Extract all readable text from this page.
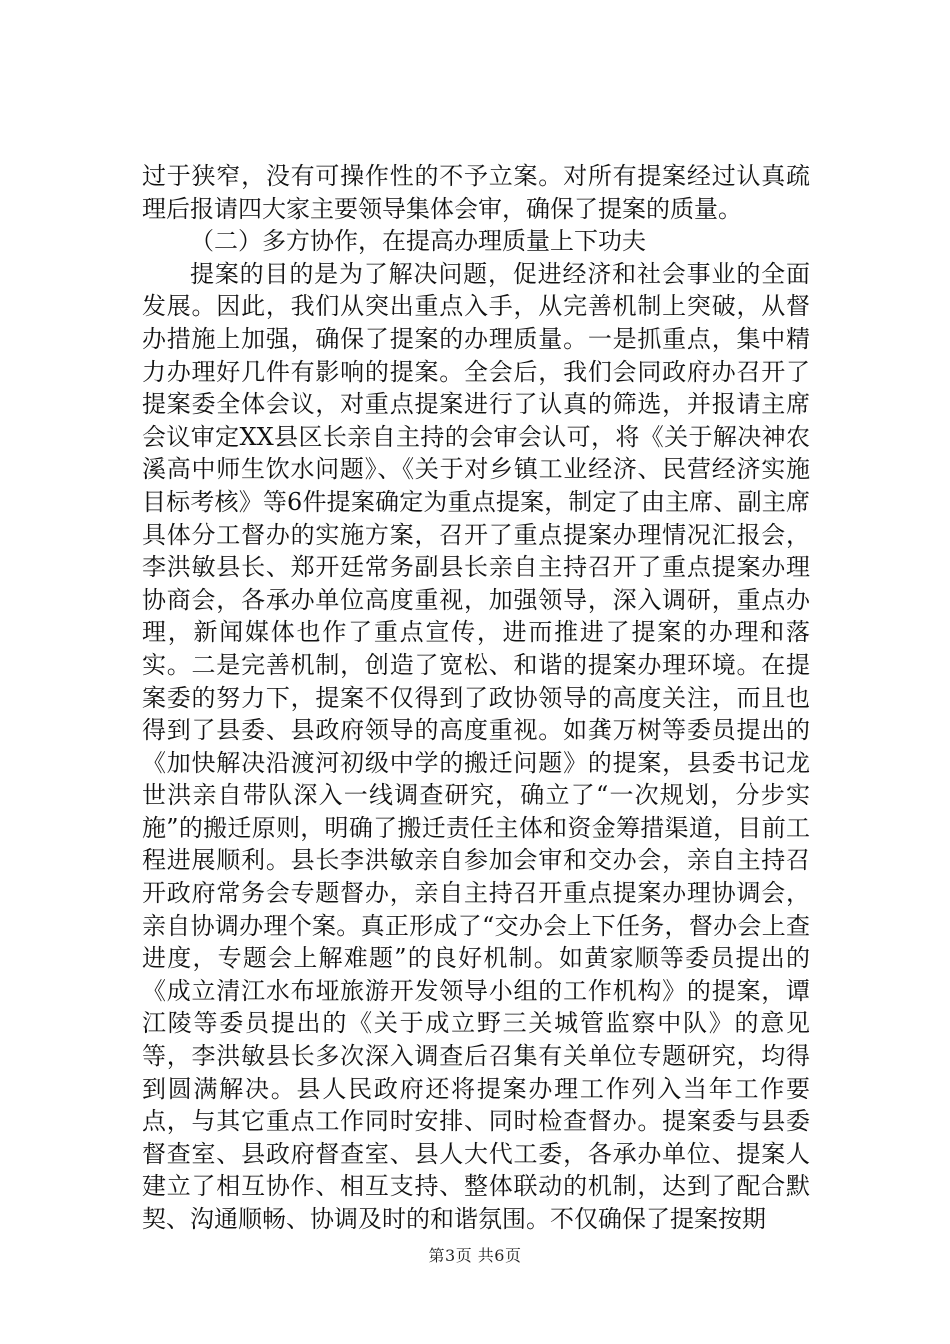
过于狭窄，没有可操作性的不予立案。对所有提案经过认真疏理后报请四大家主要领导集体会审，确保了提案的质量。

（二）多方协作，在提高办理质量上下功夫

提案的目的是为了解决问题，促进经济和社会事业的全面发展。因此，我们从突出重点入手，从完善机制上突破，从督办措施上加强，确保了提案的办理质量。一是抓重点，集中精力办理好几件有影响的提案。全会后，我们会同政府办召开了提案委全体会议，对重点提案进行了认真的筛选，并报请主席会议审定XX县区长亲自主持的会审会认可，将《关于解决神农溪高中师生饮水问题》、《关于对乡镇工业经济、民营经济实施目标考核》等6件提案确定为重点提案，制定了由主席、副主席具体分工督办的实施方案，召开了重点提案办理情况汇报会，李洪敏县长、郑开廷常务副县长亲自主持召开了重点提案办理协商会，各承办单位高度重视，加强领导，深入调研，重点办理，新闻媒体也作了重点宣传，进而推进了提案的办理和落实。二是完善机制，创造了宽松、和谐的提案办理环境。在提案委的努力下，提案不仅得到了政协领导的高度关注，而且也得到了县委、县政府领导的高度重视。如龚万树等委员提出的《加快解决沿渡河初级中学的搬迁问题》的提案，县委书记龙世洪亲自带队深入一线调查研究，确立了“一次规划，分步实施”的搬迁原则，明确了搬迁责任主体和资金筹措渠道，目前工程进展顺利。县长李洪敏亲自参加会审和交办会，亲自主持召开政府常务会专题督办，亲自主持召开重点提案办理协调会，亲自协调办理个案。真正形成了“交办会上下任务，督办会上查进度，专题会上解难题”的良好机制。如黄家顺等委员提出的《成立清江水布垭旅游开发领导小组的工作机构》的提案，谭江陵等委员提出的《关于成立野三关城管监察中队》的意见等，李洪敏县长多次深入调查后召集有关单位专题研究，均得到圆满解决。县人民政府还将提案办理工作列入当年工作要点，与其它重点工作同时安排、同时检查督办。提案委与县委督查室、县政府督查室、县人大代工委，各承办单位、提案人建立了相互协作、相互支持、整体联动的机制，达到了配合默契、沟通顺畅、协调及时的和谐氛围。不仅确保了提案按期

第3页 共6页
